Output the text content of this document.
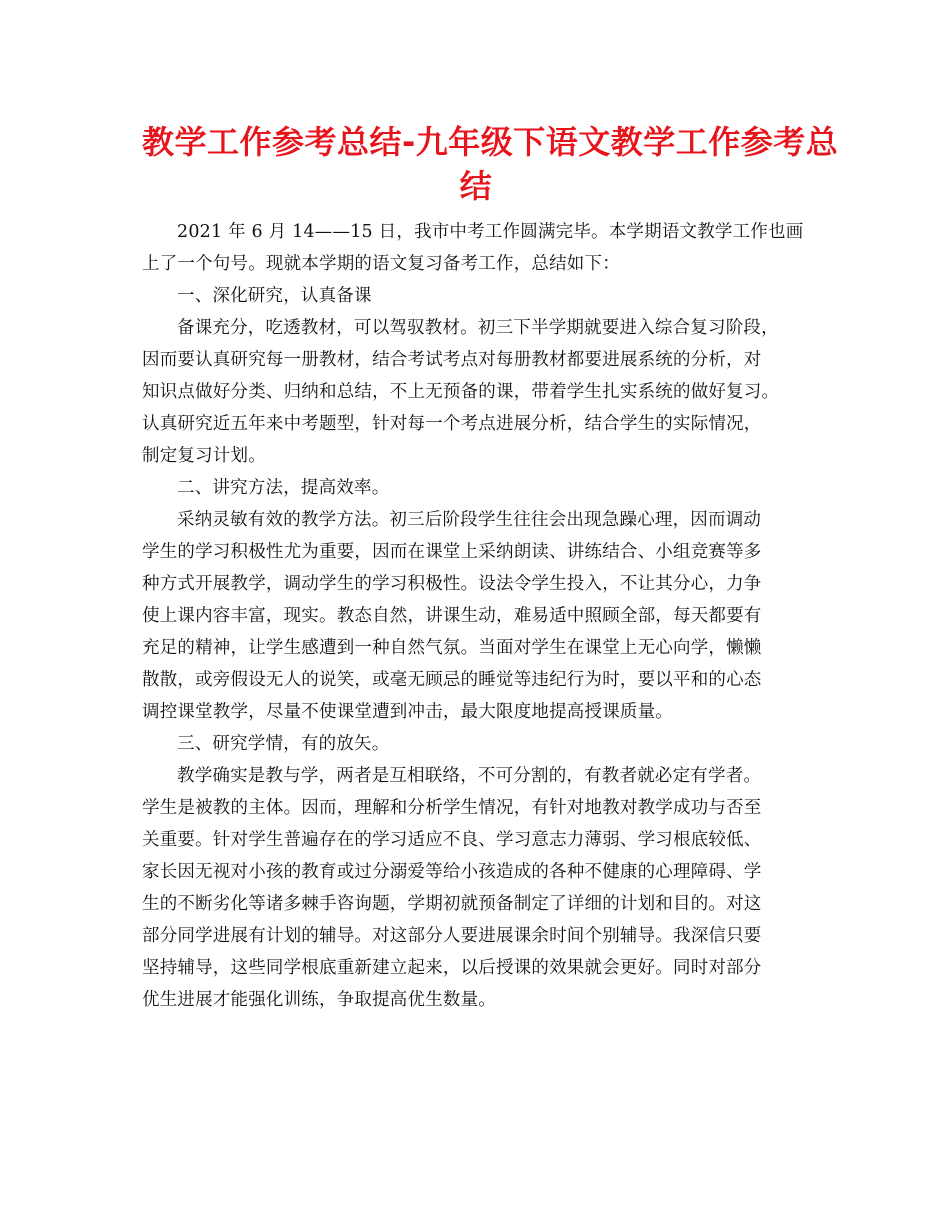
教学工作参考总结-九年级下语文教学工作参考总
结

2021 年 6 月 14——15 日，我市中考工作圆满完毕。本学期语文教学工作也画
上了一个句号。现就本学期的语文复习备考工作，总结如下：

一、深化研究，认真备课

备课充分，吃透教材，可以驾驭教材。初三下半学期就要进入综合复习阶段，
因而要认真研究每一册教材，结合考试考点对每册教材都要进展系统的分析，对
知识点做好分类、归纳和总结，不上无预备的课，带着学生扎实系统的做好复习。
认真研究近五年来中考题型，针对每一个考点进展分析，结合学生的实际情况，
制定复习计划。

二、讲究方法，提高效率。

采纳灵敏有效的教学方法。初三后阶段学生往往会出现急躁心理，因而调动
学生的学习积极性尤为重要，因而在课堂上采纳朗读、讲练结合、小组竞赛等多
种方式开展教学，调动学生的学习积极性。设法令学生投入，不让其分心，力争
使上课内容丰富，现实。教态自然，讲课生动，难易适中照顾全部，每天都要有
充足的精神，让学生感遭到一种自然气氛。当面对学生在课堂上无心向学，懒懒
散散，或旁假设无人的说笑，或毫无顾忌的睡觉等违纪行为时，要以平和的心态
调控课堂教学，尽量不使课堂遭到冲击，最大限度地提高授课质量。

三、研究学情，有的放矢。

教学确实是教与学，两者是互相联络，不可分割的，有教者就必定有学者。
学生是被教的主体。因而，理解和分析学生情况，有针对地教对教学成功与否至
关重要。针对学生普遍存在的学习适应不良、学习意志力薄弱、学习根底较低、
家长因无视对小孩的教育或过分溺爱等给小孩造成的各种不健康的心理障碍、学
生的不断劣化等诸多棘手咨询题，学期初就预备制定了详细的计划和目的。对这
部分同学进展有计划的辅导。对这部分人要进展课余时间个别辅导。我深信只要
坚持辅导，这些同学根底重新建立起来，以后授课的效果就会更好。同时对部分
优生进展才能强化训练，争取提高优生数量。
